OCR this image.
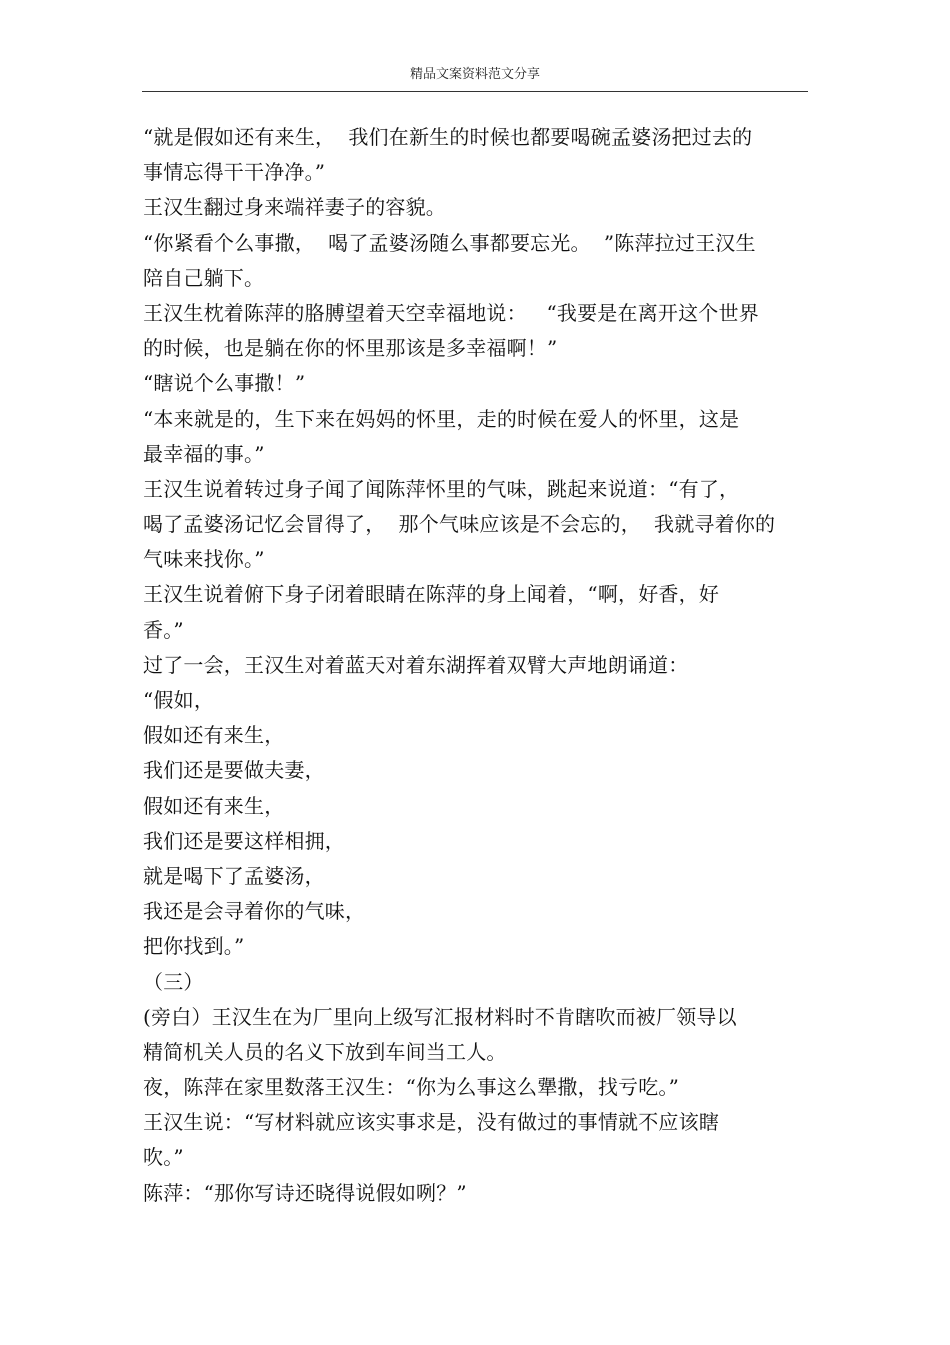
精品文案资料范文分享
“就是假如还有来生，  我们在新生的时候也都要喝碗孟婆汤把过去的
事情忘得干干净净。”
王汉生翻过身来端祥妻子的容貌。
“你紧看个么事撒，  喝了孟婆汤随么事都要忘光。  ”陈萍拉过王汉生
陪自己躺下。
王汉生枕着陈萍的胳膊望着天空幸福地说：   “我要是在离开这个世界
的时候，也是躺在你的怀里那该是多幸福啊！”
“瞎说个么事撒！”
“本来就是的，生下来在妈妈的怀里，走的时候在爱人的怀里，这是
最幸福的事。”
王汉生说着转过身子闻了闻陈萍怀里的气味，跳起来说道：“有了，
喝了孟婆汤记忆会冒得了，  那个气味应该是不会忘的，  我就寻着你的
气味来找你。”
王汉生说着俯下身子闭着眼睛在陈萍的身上闻着，“啊，好香，好
香。”
过了一会，王汉生对着蓝天对着东湖挥着双臂大声地朗诵道：
“假如，
假如还有来生，
我们还是要做夫妻，
假如还有来生，
我们还是要这样相拥，
就是喝下了孟婆汤，
我还是会寻着你的气味，
把你找到。”
（三）
(旁白）王汉生在为厂里向上级写汇报材料时不肯瞎吹而被厂领导以
精简机关人员的名义下放到车间当工人。
夜，陈萍在家里数落王汉生：“你为么事这么犟撒，找亏吃。”
王汉生说：“写材料就应该实事求是，没有做过的事情就不应该瞎
吹。”
陈萍：“那你写诗还晓得说假如咧？”
